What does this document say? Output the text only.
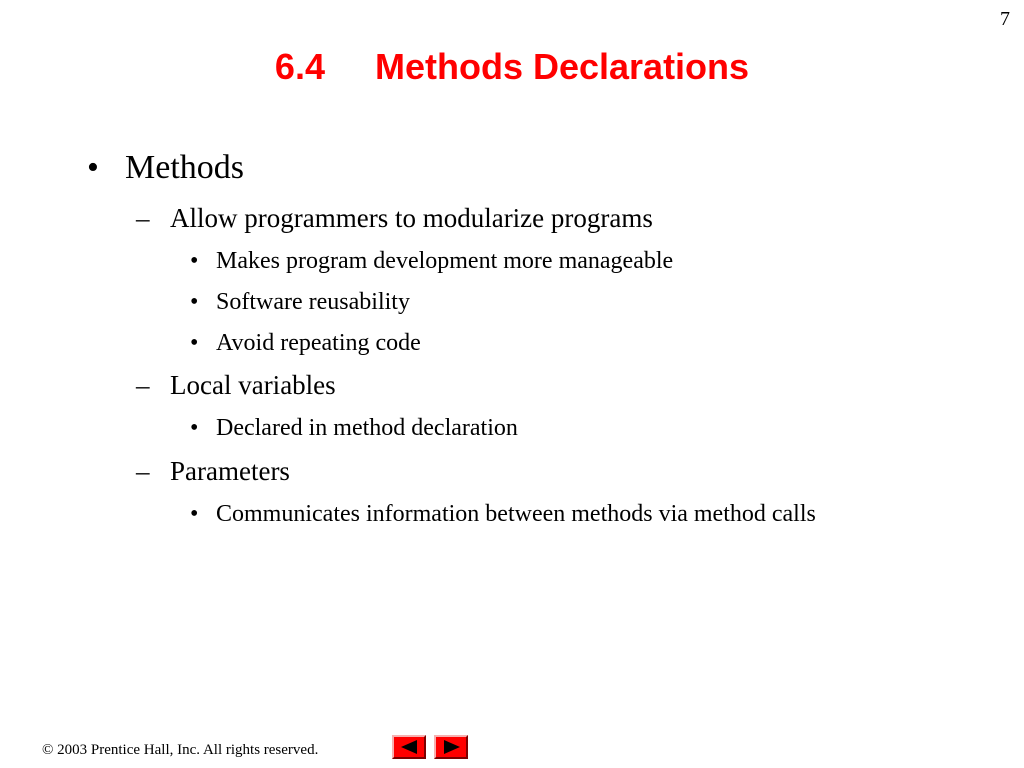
7
6.4     Methods Declarations
• Methods
– Allow programmers to modularize programs
• Makes program development more manageable
• Software reusability
• Avoid repeating code
– Local variables
• Declared in method declaration
– Parameters
• Communicates information between methods via method calls
© 2003 Prentice Hall, Inc. All rights reserved.
